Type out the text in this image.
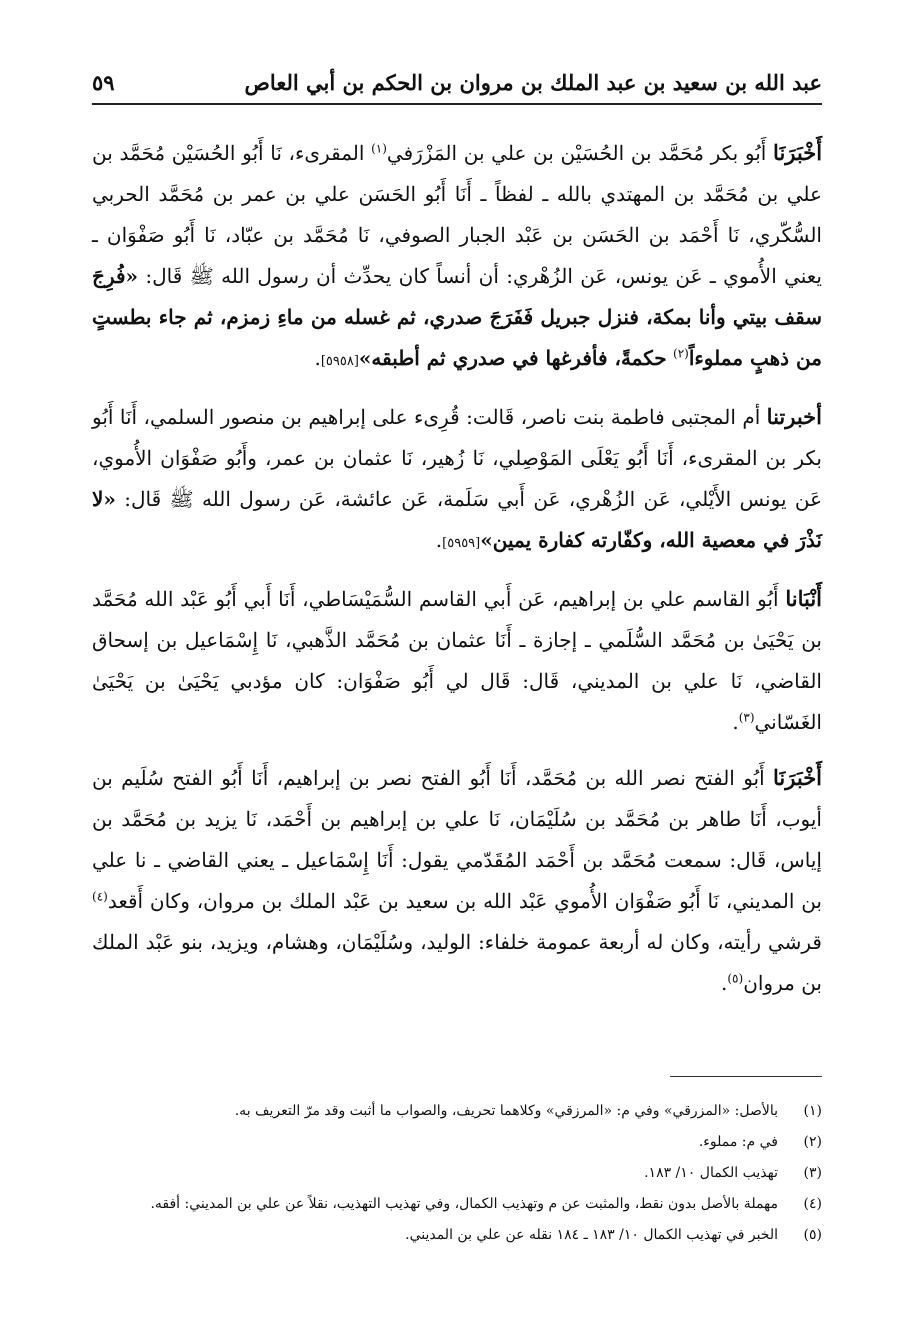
عبد الله بن سعيد بن عبد الملك بن مروان بن الحكم بن أبي العاص
٥٩

أَخْبَرَنَا أَبُو بكر مُحَمَّد بن الحُسَيْن بن علي بن المَزْرَفي$^{(١)}$ المقرىء، نَا أَبُو الحُسَيْن مُحَمَّد بن علي بن مُحَمَّد بن المهتدي بالله ـ لفظاً ـ أَنَا أَبُو الحَسَن علي بن عمر بن مُحَمَّد الحربي السُّكّري، نَا أَحْمَد بن الحَسَن بن عَبْد الجبار الصوفي، نَا مُحَمَّد بن عبّاد، نَا أَبُو صَفْوَان ـ يعني الأُموي ـ عَن يونس، عَن الزُهْري: أن أنساً كان يحدِّث أن رسول الله ﷺ قَال: «فُرِجَ سقف بيتي وأنا بمكة، فنزل جبريل فَفَرَجَ صدري، ثم غسله من ماءِ زمزم، ثم جاء بطستٍ من ذهبٍ مملوءاً$^{(٢)}$ حكمةً، فأفرغها في صدري ثم أطبقه»[٥٩٥٨].

أخبرتنا أم المجتبى فاطمة بنت ناصر، قَالت: قُرِىء على إبراهيم بن منصور السلمي، أَنَا أَبُو بكر بن المقرىء، أَنَا أَبُو يَعْلَى المَوْصِلي، نَا زُهير، نَا عثمان بن عمر، وأَبُو صَفْوَان الأُموي، عَن يونس الأَيْلي، عَن الزُهْري، عَن أَبي سَلَمة، عَن عائشة، عَن رسول الله ﷺ قَال: «لا نَذْرَ في معصية الله، وكفّارته كفارة يمين»[٥٩٥٩].

أَنْبَانا أَبُو القاسم علي بن إبراهيم، عَن أَبي القاسم السُّمَيْسَاطي، أَنَا أَبي أَبُو عَبْد الله مُحَمَّد بن يَحْيَىٰ بن مُحَمَّد السُّلَمي ـ إجازة ـ أَنَا عثمان بن مُحَمَّد الذَّهبي، نَا إِسْمَاعيل بن إسحاق القاضي، نَا علي بن المديني، قَال: قَال لي أَبُو صَفْوَان: كان مؤدبي يَحْيَىٰ بن يَحْيَىٰ الغَسّاني$^{(٣)}$.

أَخْبَرَنَا أَبُو الفتح نصر الله بن مُحَمَّد، أَنَا أَبُو الفتح نصر بن إبراهيم، أَنَا أَبُو الفتح سُلَيم بن أيوب، أَنَا طاهر بن مُحَمَّد بن سُلَيْمَان، نَا علي بن إبراهيم بن أَحْمَد، نَا يزيد بن مُحَمَّد بن إياس، قَال: سمعت مُحَمَّد بن أَحْمَد المُقَدّمي يقول: أَنَا إِسْمَاعيل ـ يعني القاضي ـ نا علي بن المديني، نَا أَبُو صَفْوَان الأُموي عَبْد الله بن سعيد بن عَبْد الملك بن مروان، وكان أَقعد$^{(٤)}$ قرشي رأيته، وكان له أربعة عمومة خلفاء: الوليد، وسُلَيْمَان، وهشام، ويزيد، بنو عَبْد الملك بن مروان$^{(٥)}$.

(١)
بالأصل: «المزرقي» وفي م: «المرزقي» وكلاهما تحريف، والصواب ما أثبت وقد مرّ التعريف به.
(٢)
في م: مملوء.
(٣)
تهذيب الكمال ١٠/ ١٨٣.
(٤)
مهملة بالأصل بدون نقط، والمثبت عن م وتهذيب الكمال، وفي تهذيب التهذيب، نقلاً عن علي بن المديني: أفقه.
(٥)
الخبر في تهذيب الكمال ١٠/ ١٨٣ ـ ١٨٤ نقله عن علي بن المديني.
